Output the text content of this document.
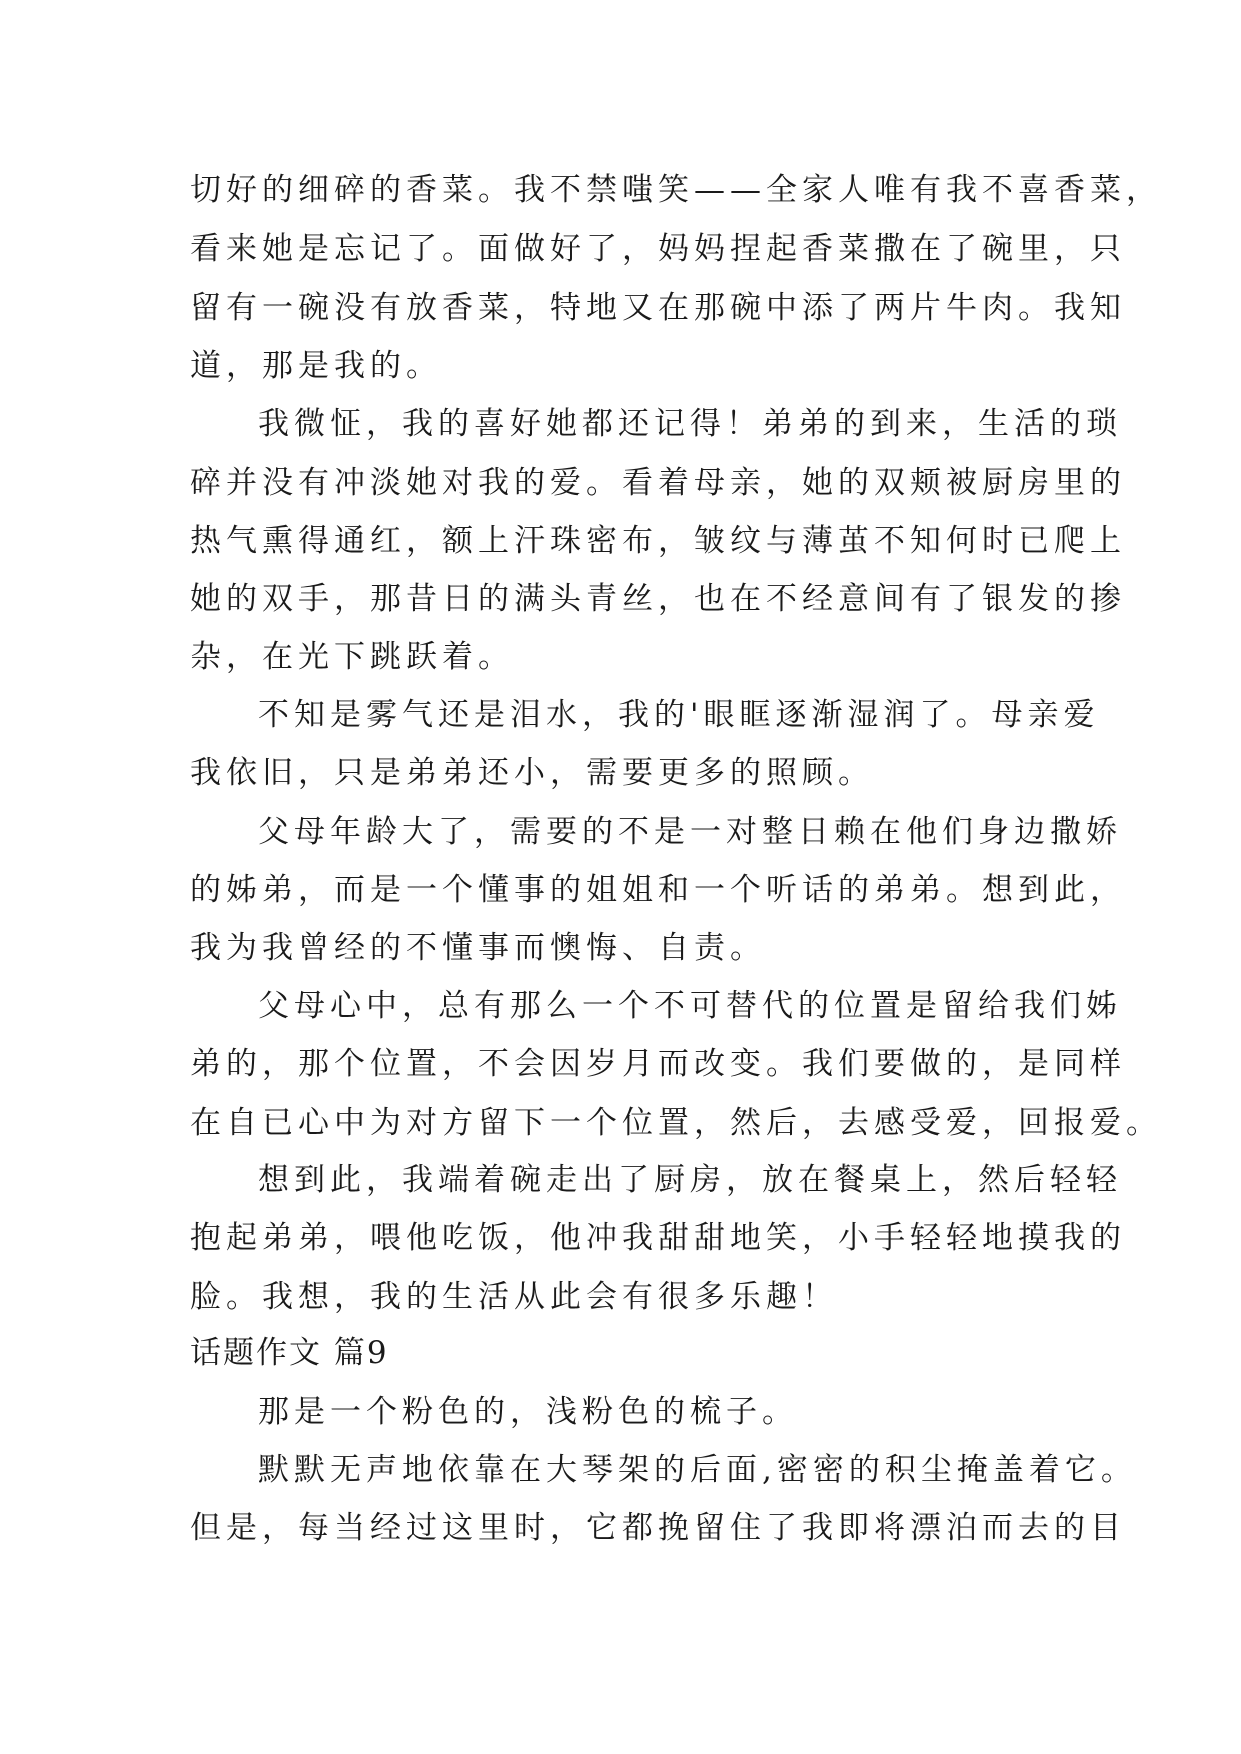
切好的细碎的香菜。我不禁嗤笑——全家人唯有我不喜香菜，
看来她是忘记了。面做好了，妈妈捏起香菜撒在了碗里，只
留有一碗没有放香菜，特地又在那碗中添了两片牛肉。我知
道，那是我的。
我微怔，我的喜好她都还记得！弟弟的到来，生活的琐
碎并没有冲淡她对我的爱。看着母亲，她的双颊被厨房里的
热气熏得通红，额上汗珠密布，皱纹与薄茧不知何时已爬上
她的双手，那昔日的满头青丝，也在不经意间有了银发的掺
杂，在光下跳跃着。
不知是雾气还是泪水，我的'眼眶逐渐湿润了。母亲爱
我依旧，只是弟弟还小，需要更多的照顾。
父母年龄大了，需要的不是一对整日赖在他们身边撒娇
的姊弟，而是一个懂事的姐姐和一个听话的弟弟。想到此，
我为我曾经的不懂事而懊悔、自责。
父母心中，总有那么一个不可替代的位置是留给我们姊
弟的，那个位置，不会因岁月而改变。我们要做的，是同样
在自已心中为对方留下一个位置，然后，去感受爱，回报爱。
想到此，我端着碗走出了厨房，放在餐桌上，然后轻轻
抱起弟弟，喂他吃饭，他冲我甜甜地笑，小手轻轻地摸我的
脸。我想，我的生活从此会有很多乐趣！
话题作文 篇9
那是一个粉色的，浅粉色的梳子。
默默无声地依靠在大琴架的后面,密密的积尘掩盖着它。
但是，每当经过这里时，它都挽留住了我即将漂泊而去的目
